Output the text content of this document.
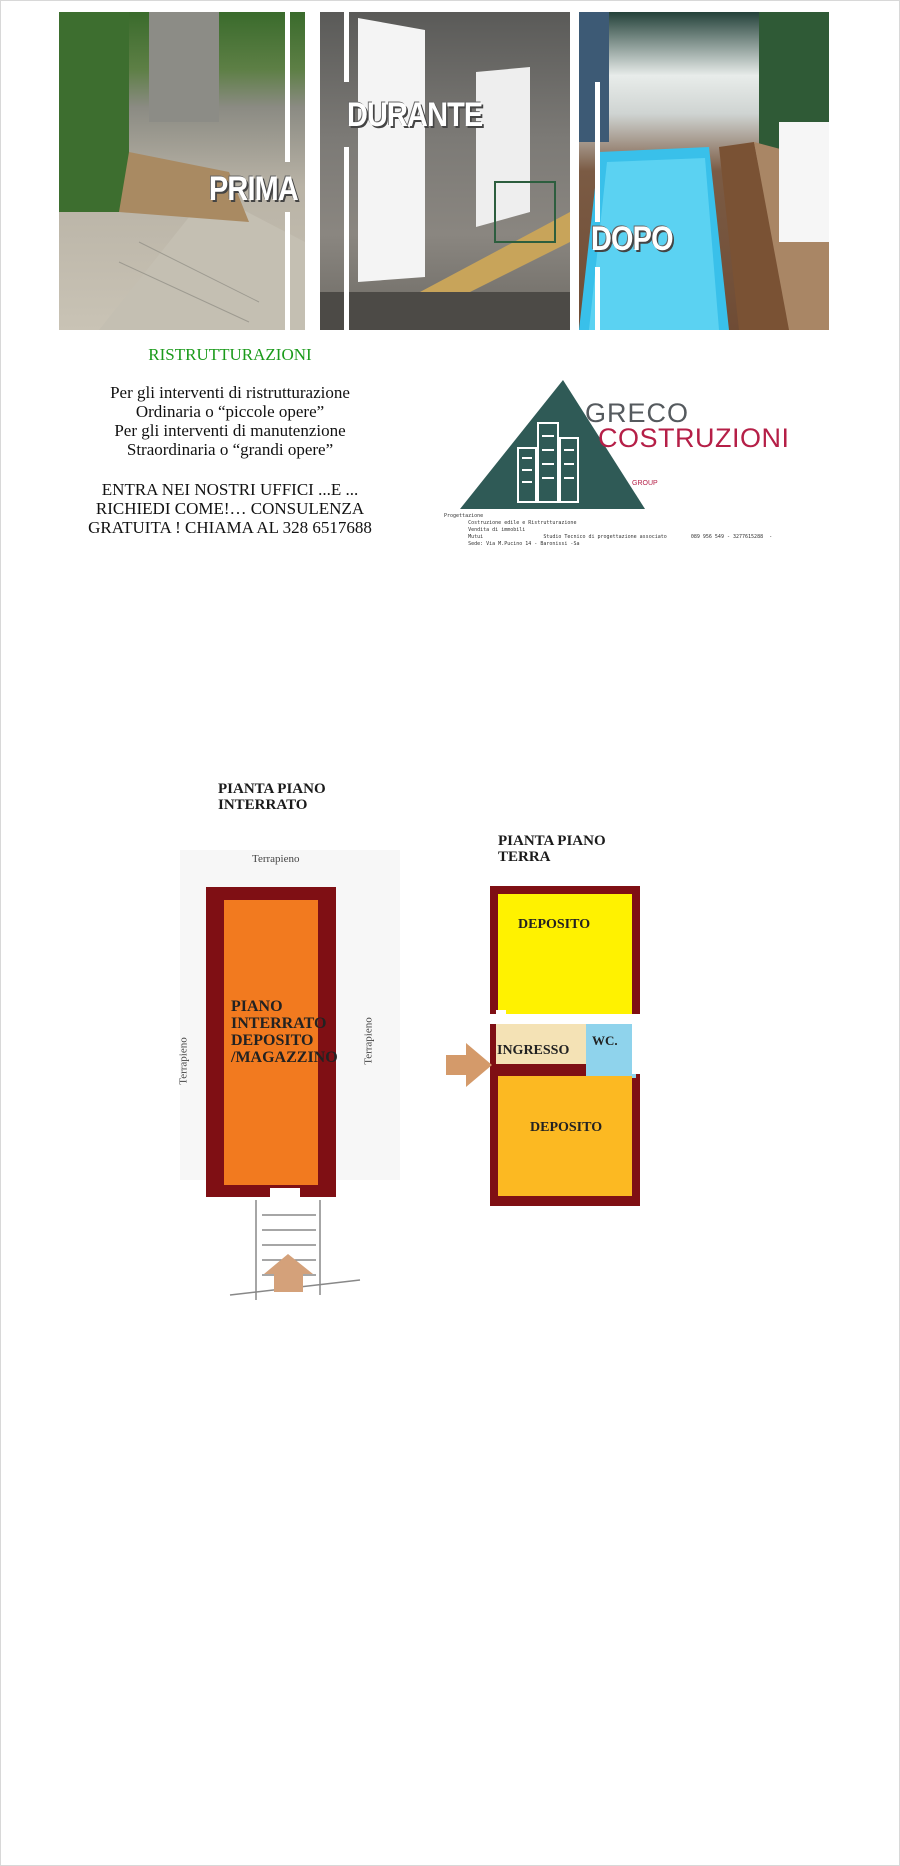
PRIMA
DURANTE
DOPO
RISTRUTTURAZIONI
Per gli interventi di ristrutturazione
Ordinaria o “piccole opere”
Per gli interventi di manutenzione
Straordinaria o “grandi opere”
ENTRA NEI NOSTRI UFFICI ...E ...
RICHIEDI COME!… CONSULENZA
GRATUITA ! CHIAMA AL 328 6517688
GRECO
COSTRUZIONI
GROUP
Progettazione
Costruzione edile e Ristrutturazione
Vendita di immobili
Mutui                    Studio Tecnico di progettazione associato        089 956 549 - 3277615288  -
Sede: Via M.Pucino 14 - Baronissi -Sa
PIANTA PIANO
INTERRATO
PIANTA PIANO
TERRA
Terrapieno
Terrapieno	Terrapieno
PIANO
INTERRATO
DEPOSITO
/MAGAZZINO
DEPOSITO
INGRESSO
WC.
DEPOSITO
